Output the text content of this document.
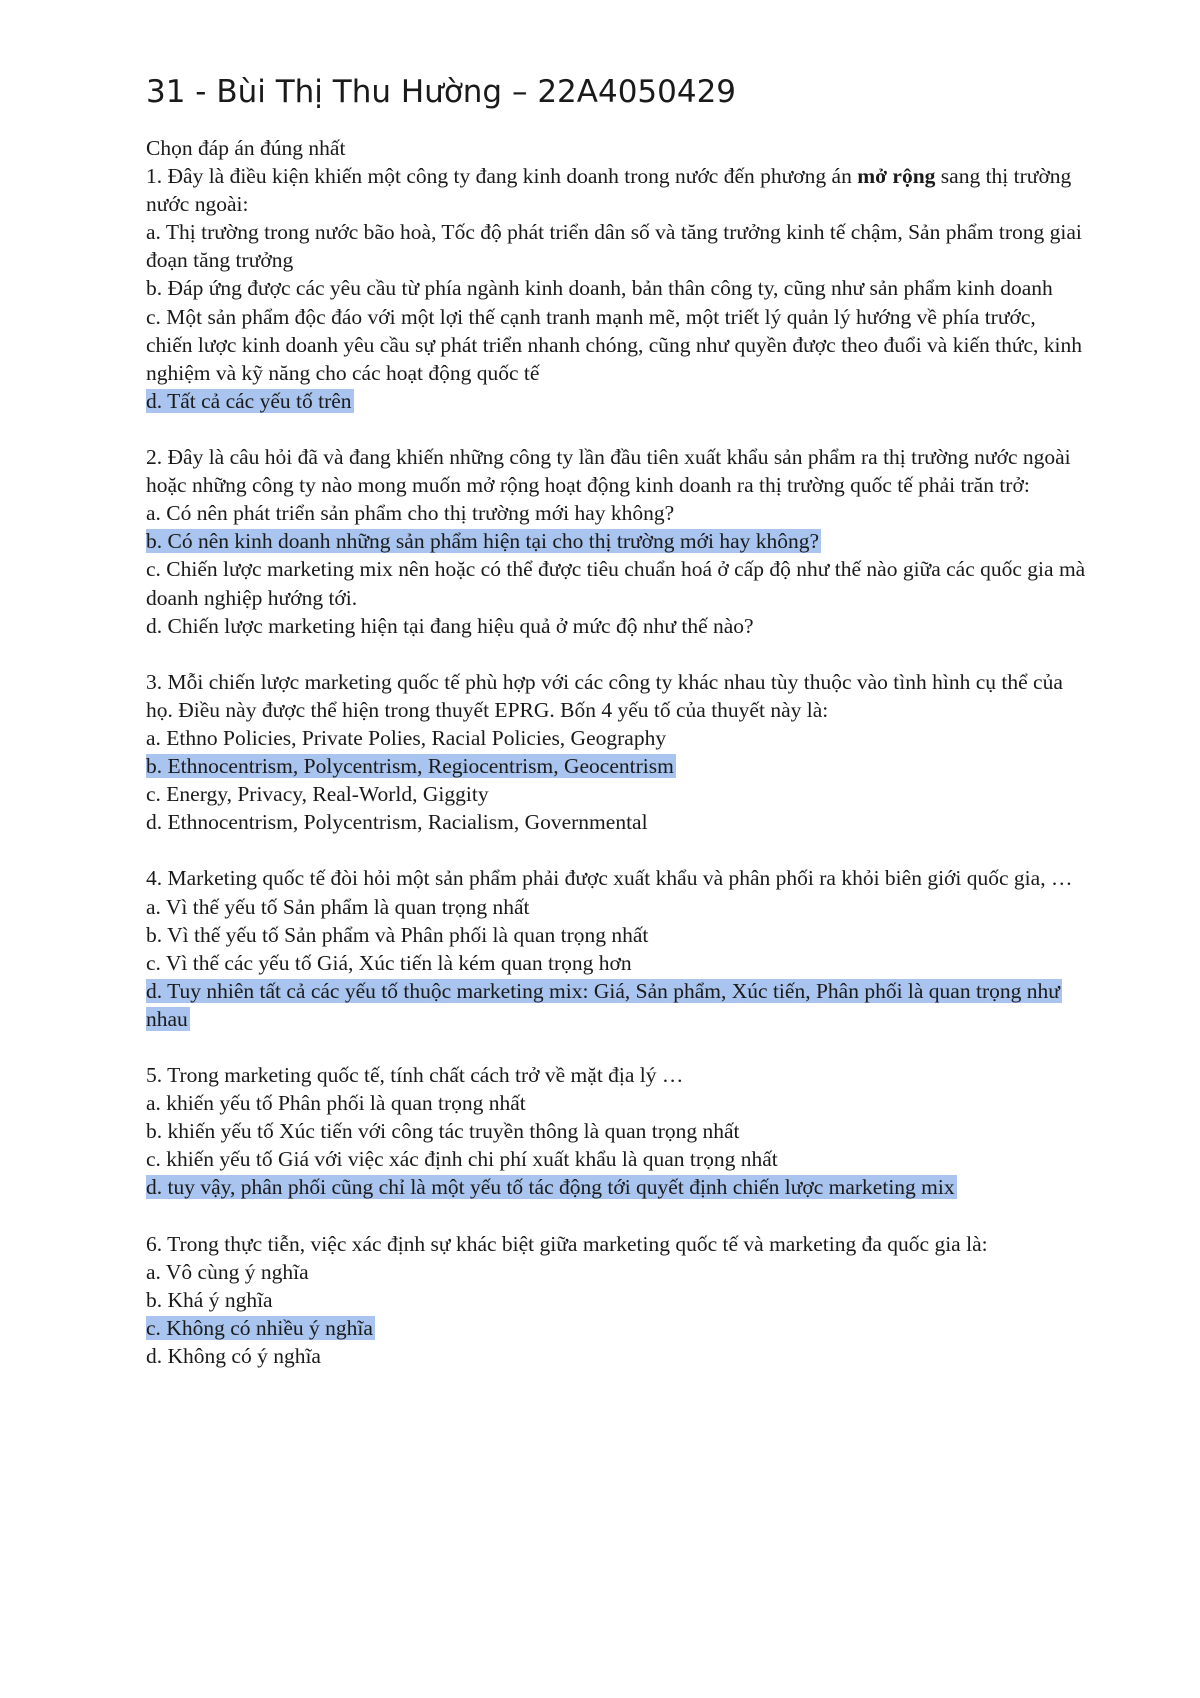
31 - Bùi Thị Thu Hường – 22A4050429

Chọn đáp án đúng nhất

1. Đây là điều kiện khiến một công ty đang kinh doanh trong nước đến phương án mở rộng sang thị trường nước ngoài:

a. Thị trường trong nước bão hoà, Tốc độ phát triển dân số và tăng trưởng kinh tế chậm, Sản phẩm trong giai đoạn tăng trưởng

b. Đáp ứng được các yêu cầu từ phía ngành kinh doanh, bản thân công ty, cũng như sản phẩm kinh doanh

c. Một sản phẩm độc đáo với một lợi thế cạnh tranh mạnh mẽ, một triết lý quản lý hướng về phía trước, chiến lược kinh doanh yêu cầu sự phát triển nhanh chóng, cũng như quyền được theo đuổi và kiến thức, kinh nghiệm và kỹ năng cho các hoạt động quốc tế

d. Tất cả các yếu tố trên

2. Đây là câu hỏi đã và đang khiến những công ty lần đầu tiên xuất khẩu sản phẩm ra thị trường nước ngoài hoặc những công ty nào mong muốn mở rộng hoạt động kinh doanh ra thị trường quốc tế phải trăn trở:

a. Có nên phát triển sản phẩm cho thị trường mới hay không?

b. Có nên kinh doanh những sản phẩm hiện tại cho thị trường mới hay không?

c. Chiến lược marketing mix nên hoặc có thể được tiêu chuẩn hoá ở cấp độ như thế nào giữa các quốc gia mà doanh nghiệp hướng tới.

d. Chiến lược marketing hiện tại đang hiệu quả ở mức độ như thế nào?

3. Mỗi chiến lược marketing quốc tế phù hợp với các công ty khác nhau tùy thuộc vào tình hình cụ thể của họ. Điều này được thể hiện trong thuyết EPRG. Bốn 4 yếu tố của thuyết này là:

a. Ethno Policies, Private Polies, Racial Policies, Geography

b. Ethnocentrism, Polycentrism, Regiocentrism, Geocentrism

c. Energy, Privacy, Real-World, Giggity

d. Ethnocentrism, Polycentrism, Racialism, Governmental

4. Marketing quốc tế đòi hỏi một sản phẩm phải được xuất khẩu và phân phối ra khỏi biên giới quốc gia, …

a. Vì thế yếu tố Sản phẩm là quan trọng nhất

b. Vì thế yếu tố Sản phẩm và Phân phối là quan trọng nhất

c. Vì thế các yếu tố Giá, Xúc tiến là kém quan trọng hơn

d. Tuy nhiên tất cả các yếu tố thuộc marketing mix: Giá, Sản phẩm, Xúc tiến, Phân phối là quan trọng như nhau

5. Trong marketing quốc tế, tính chất cách trở về mặt địa lý …

a. khiến yếu tố Phân phối là quan trọng nhất

b. khiến yếu tố Xúc tiến với công tác truyền thông là quan trọng nhất

c. khiến yếu tố Giá với việc xác định chi phí xuất khẩu là quan trọng nhất

d. tuy vậy, phân phối cũng chỉ là một yếu tố tác động tới quyết định chiến lược marketing mix

6. Trong thực tiễn, việc xác định sự khác biệt giữa marketing quốc tế và marketing đa quốc gia là:

a. Vô cùng ý nghĩa

b. Khá ý nghĩa

c. Không có nhiều ý nghĩa

d. Không có ý nghĩa
